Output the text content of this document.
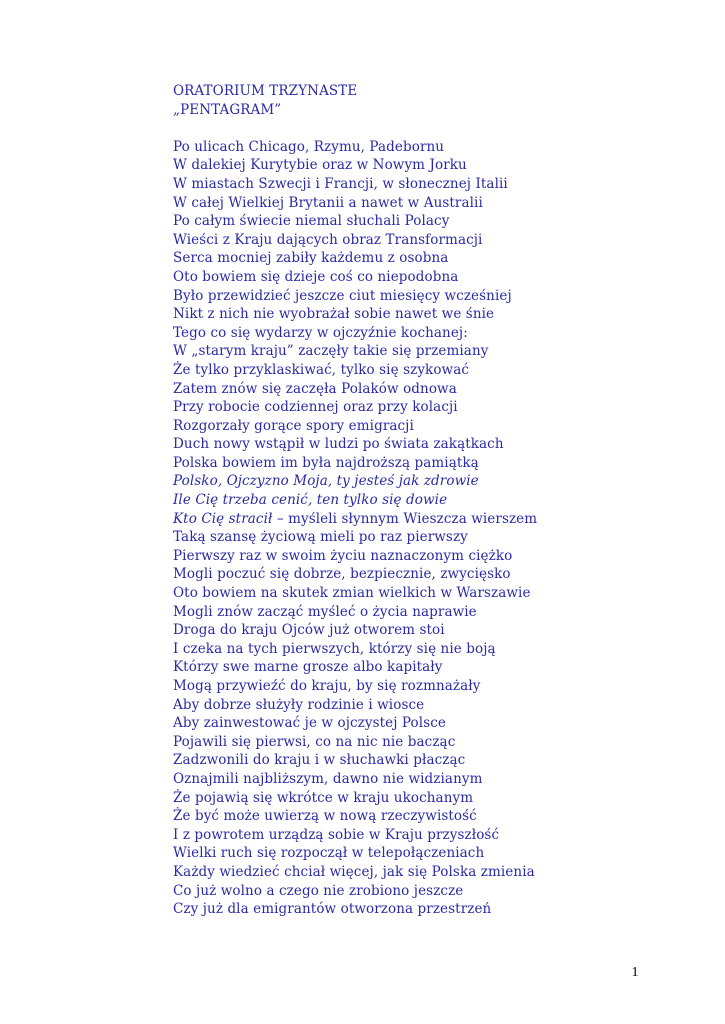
ORATORIUM TRZYNASTE
„PENTAGRAM”
Po ulicach Chicago, Rzymu, Padebornu
W dalekiej Kurytybie oraz w Nowym Jorku
W miastach Szwecji i Francji, w słonecznej Italii
W całej Wielkiej Brytanii a nawet w Australii
Po całym świecie niemal słuchali Polacy
Wieści z Kraju dających obraz Transformacji
Serca mocniej zabiły każdemu z osobna
Oto bowiem się dzieje coś co niepodobna
Było przewidzieć jeszcze ciut miesięcy wcześniej
Nikt z nich nie wyobrażał sobie nawet we śnie
Tego co się wydarzy w ojczyźnie kochanej:
W „starym kraju” zaczęły takie się przemiany
Że tylko przyklaskiwać, tylko się szykować
Zatem znów się zaczęła Polaków odnowa
Przy robocie codziennej oraz przy kolacji
Rozgorzały gorące spory emigracji
Duch nowy wstąpił w ludzi po świata zakątkach
Polska bowiem im była najdroższą pamiątką
Polsko, Ojczyzno Moja, ty jesteś jak zdrowie
Ile Cię trzeba cenić, ten tylko się dowie
Kto Cię stracił – myśleli słynnym Wieszcza wierszem
Taką szansę życiową mieli po raz pierwszy
Pierwszy raz w swoim życiu naznaczonym ciężko
Mogli poczuć się dobrze, bezpiecznie, zwycięsko
Oto bowiem na skutek zmian wielkich w Warszawie
Mogli znów zacząć myśleć o życia naprawie
Droga do kraju Ojców już otworem stoi
I czeka na tych pierwszych, którzy się nie boją
Którzy swe marne grosze albo kapitały
Mogą przywieźć do kraju, by się rozmnażały
Aby dobrze służyły rodzinie i wiosce
Aby zainwestować je w ojczystej Polsce
Pojawili się pierwsi, co na nic nie bacząc
Zadzwonili do kraju i w słuchawki płacząc
Oznajmili najbliższym, dawno nie widzianym
Że pojawią się wkrótce w kraju ukochanym
Że być może uwierzą w nową rzeczywistość
I z powrotem urządzą sobie w Kraju przyszłość
Wielki ruch się rozpoczął w telepołączeniach
Każdy wiedzieć chciał więcej, jak się Polska zmienia
Co już wolno a czego nie zrobiono jeszcze
Czy już dla emigrantów otworzona przestrzeń
1
